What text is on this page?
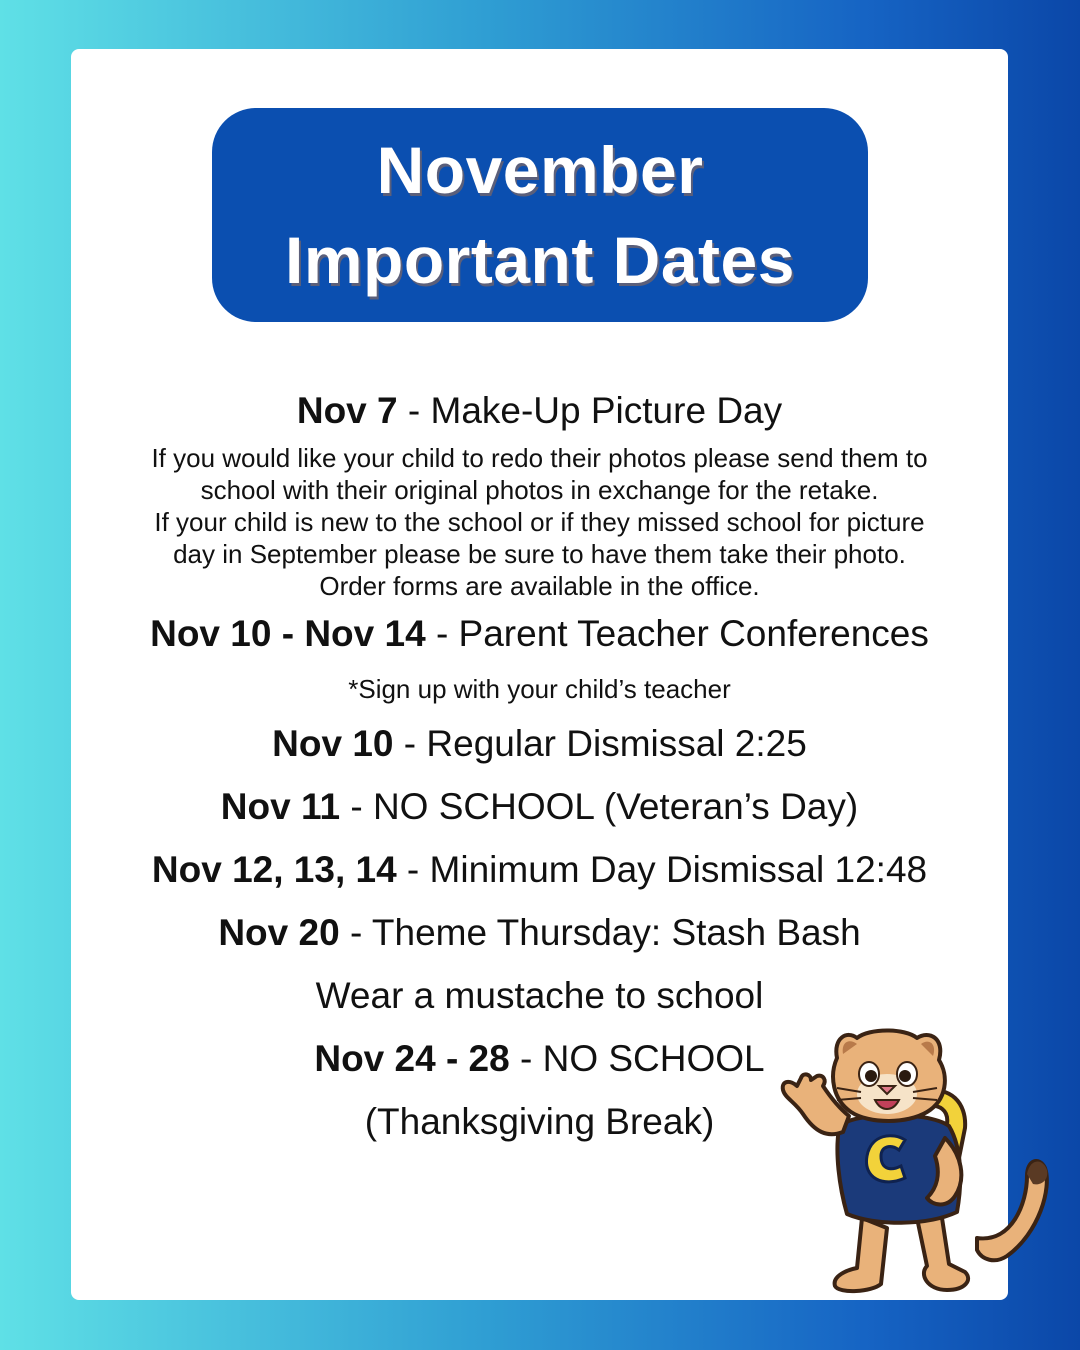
November
Important Dates
Nov 7 - Make-Up Picture Day
If you would like your child to redo their photos please send them to
school with their original photos in exchange for the retake.
If your child is new to the school or if they missed school for picture
day in September please be sure to have them take their photo.
Order forms are available in the office.
Nov 10 - Nov 14 - Parent Teacher Conferences
*Sign up with your child’s teacher
Nov 10 - Regular Dismissal 2:25
Nov 11 - NO SCHOOL (Veteran’s Day)
Nov 12, 13, 14 - Minimum Day Dismissal 12:48
Nov 20 - Theme Thursday: Stash Bash
Wear a mustache to school
Nov 24 - 28 - NO SCHOOL
(Thanksgiving Break)
